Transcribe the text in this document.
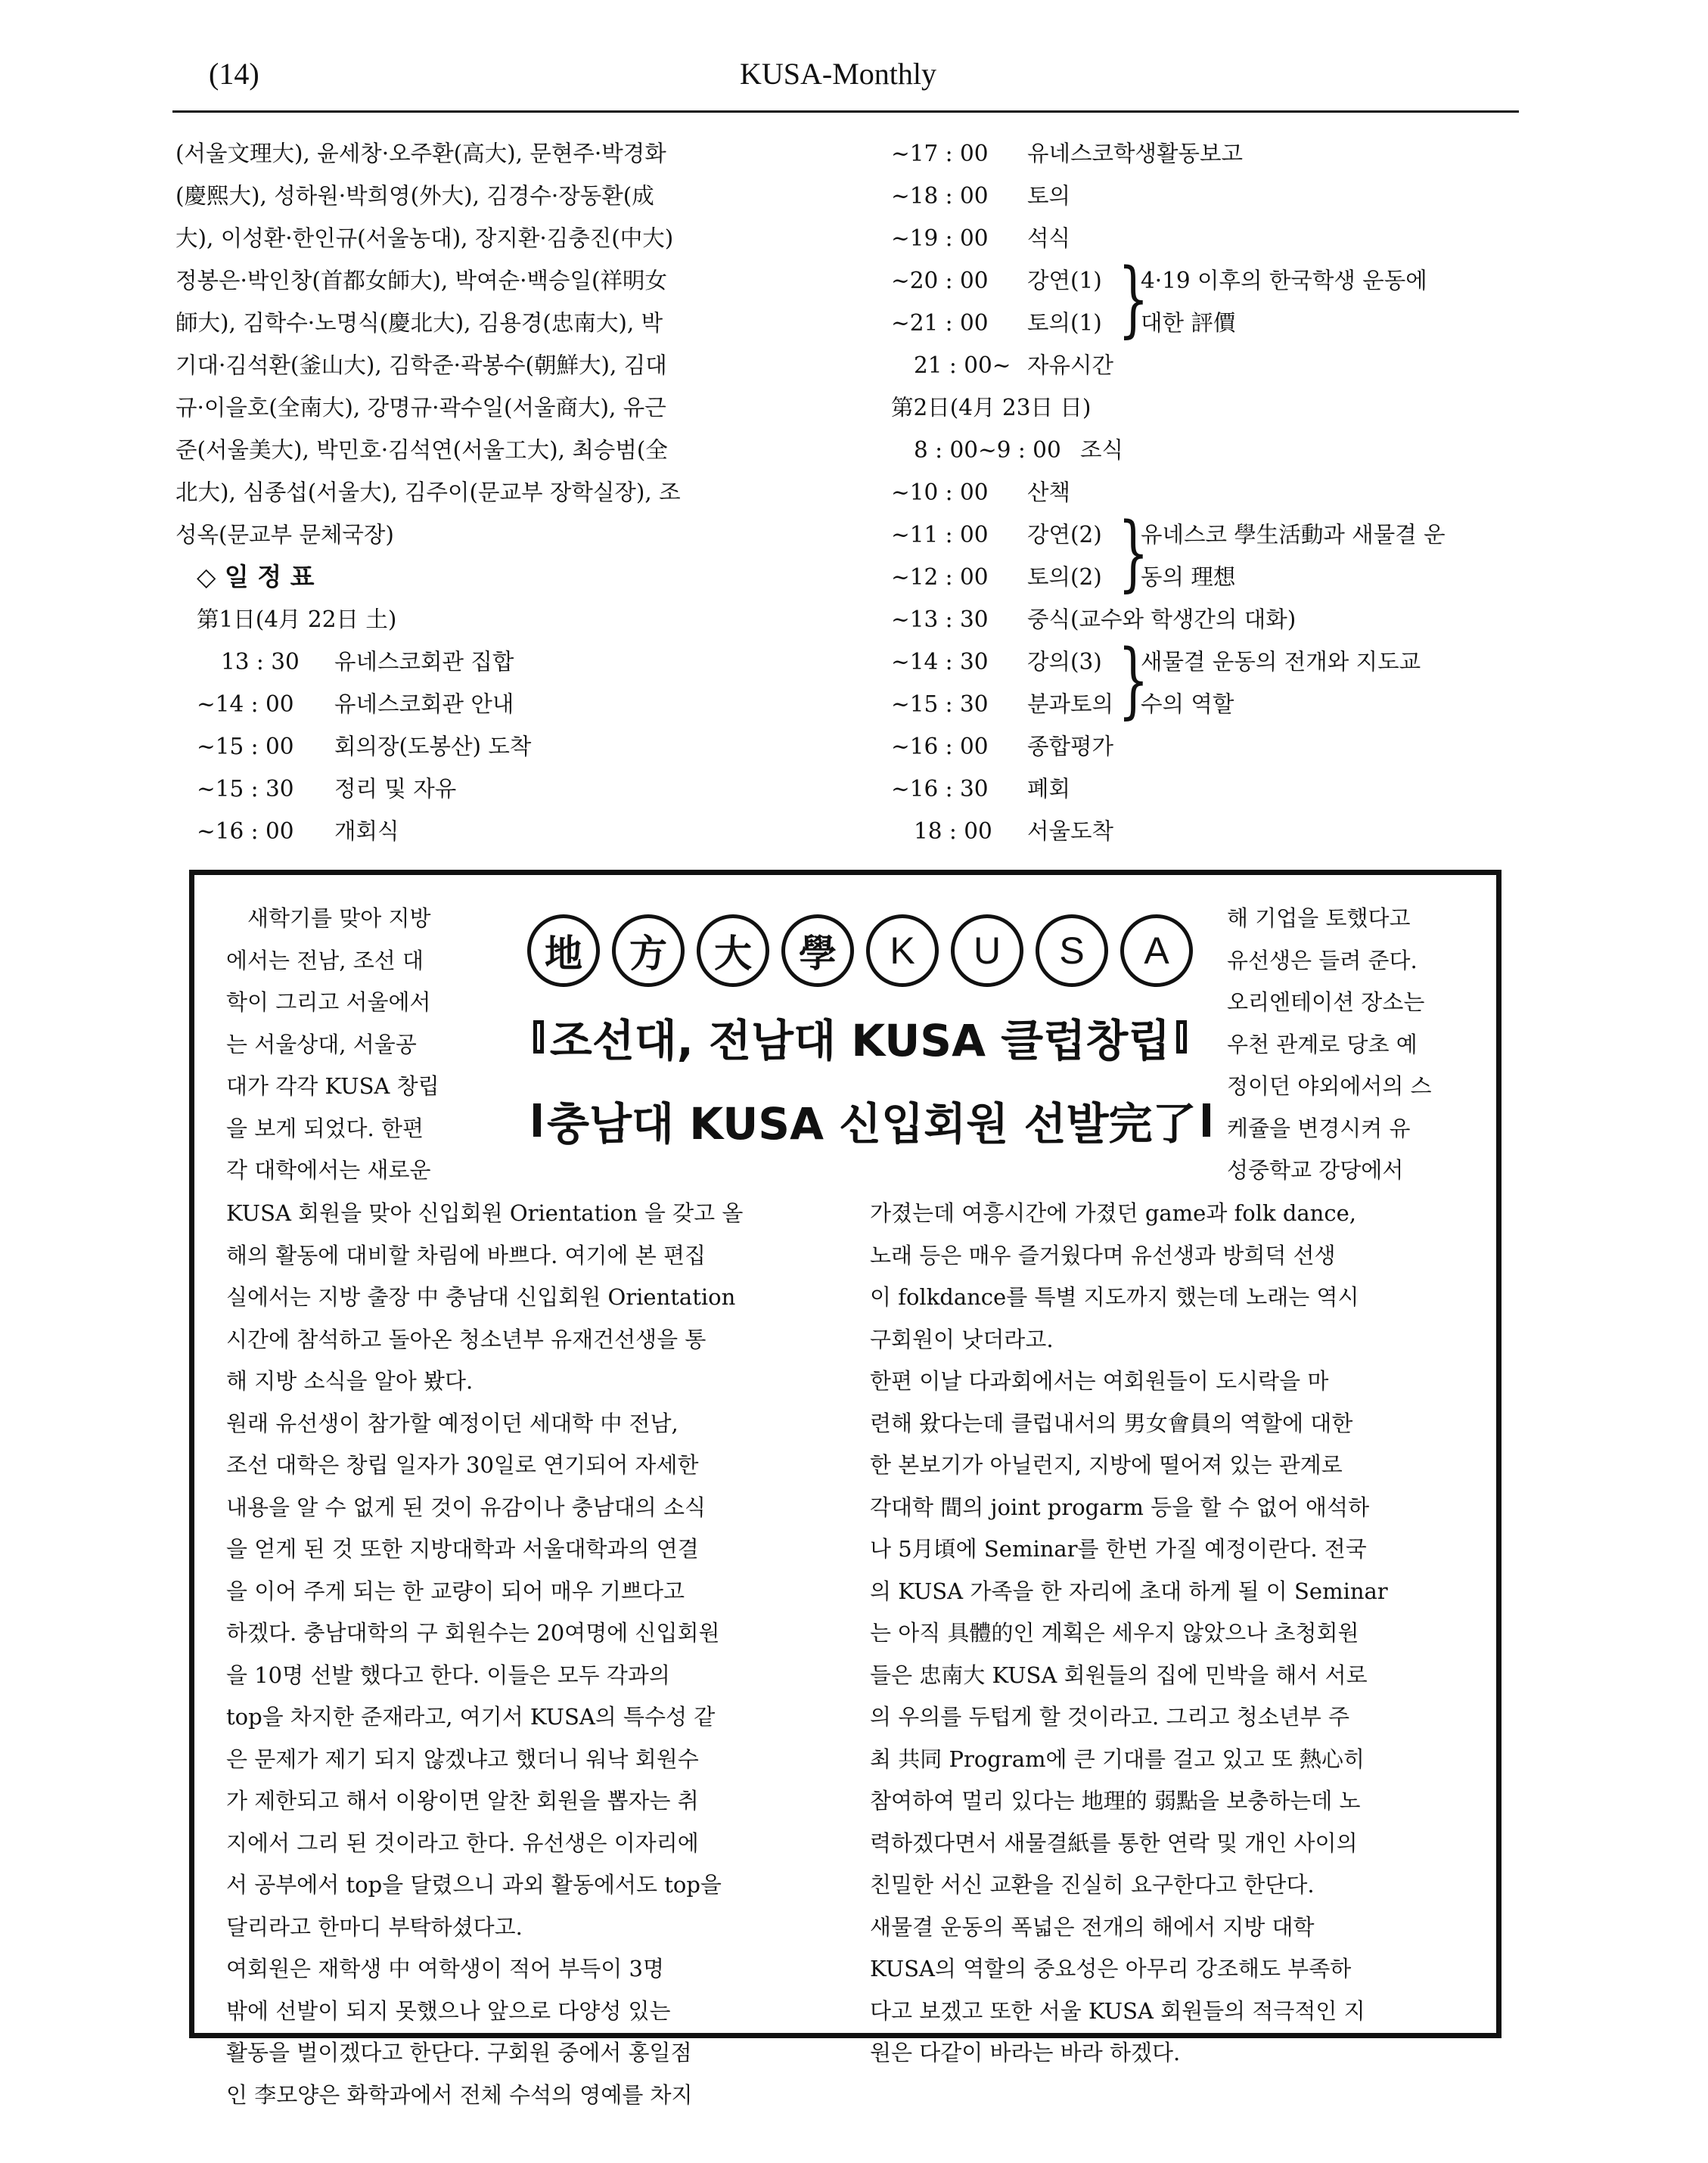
(14)	KUSA-Monthly
(서울文理大), 윤세창·오주환(高大), 문현주·박경화
(慶熙大), 성하원·박희영(外大), 김경수·장동환(成
大), 이성환·한인규(서울농대), 장지환·김충진(中大)
정봉은·박인창(首都女師大), 박여순·백승일(祥明女
師大), 김학수·노명식(慶北大), 김용경(忠南大), 박
기대·김석환(釜山大), 김학준·곽봉수(朝鮮大), 김대
규·이을호(全南大), 강명규·곽수일(서울商大), 유근
준(서울美大), 박민호·김석연(서울工大), 최승범(全
北大), 심종섭(서울大), 김주이(문교부 장학실장), 조
성옥(문교부 문체국장)
◇ 일 정 표
第1日(4月 22日 土)
13 : 30 유네스코회관 집합
~14 : 00 유네스코회관 안내
~15 : 00 회의장(도봉산) 도착
~15 : 30 정리 및 자유
~16 : 00 개회식
~17 : 00 유네스코학생활동보고
~18 : 00 토의
~19 : 00 석식
~20 : 00 강연(1)
~21 : 00 토의(1) }
4·19 이후의 한국학생 운동에
대한 評價
21 : 00~ 자유시간
第2日(4月 23日 日)
8 : 00~9 : 00 조식
~10 : 00 산책
~11 : 00 강연(2)
~12 : 00 토의(2) }
유네스코 學生活動과 새물결 운
동의 理想
~13 : 30 중식(교수와 학생간의 대화)
~14 : 30 강의(3)
~15 : 30 분과토의 }
새물결 운동의 전개와 지도교
수의 역할
~16 : 00 종합평가
~16 : 30 폐회
18 : 00 서울도착
새학기를 맞아 지방
에서는 전남, 조선 대
학이 그리고 서울에서
는 서울상대, 서울공
대가 각각 KUSA 창립
을 보게 되었다. 한편
각 대학에서는 새로운
地	方	大	學	K	U	S	A
조선대, 전남대 KUSA 클럽창립
충남대 KUSA 신입회원 선발完了
해 기업을 토했다고
유선생은 들려 준다.
오리엔테이션 장소는
우천 관계로 당초 예
정이던 야외에서의 스
케쥴을 변경시켜 유
성중학교 강당에서
KUSA 회원을 맞아 신입회원 Orientation 을 갖고 올
해의 활동에 대비할 차림에 바쁘다. 여기에 본 편집
실에서는 지방 출장 中 충남대 신입회원 Orientation
시간에 참석하고 돌아온 청소년부 유재건선생을 통
해 지방 소식을 알아 봤다.
원래 유선생이 참가할 예정이던 세대학 中 전남,
조선 대학은 창립 일자가 30일로 연기되어 자세한
내용을 알 수 없게 된 것이 유감이나 충남대의 소식
을 얻게 된 것 또한 지방대학과 서울대학과의 연결
을 이어 주게 되는 한 교량이 되어 매우 기쁘다고
하겠다. 충남대학의 구 회원수는 20여명에 신입회원
을 10명 선발 했다고 한다. 이들은 모두 각과의
top을 차지한 준재라고, 여기서 KUSA의 특수성 같
은 문제가 제기 되지 않겠냐고 했더니 워낙 회원수
가 제한되고 해서 이왕이면 알찬 회원을 뽑자는 취
지에서 그리 된 것이라고 한다. 유선생은 이자리에
서 공부에서 top을 달렸으니 과외 활동에서도 top을
달리라고 한마디 부탁하셨다고.
여회원은 재학생 中 여학생이 적어 부득이 3명
밖에 선발이 되지 못했으나 앞으로 다양성 있는
활동을 벌이겠다고 한단다. 구회원 중에서 홍일점
인 李모양은 화학과에서 전체 수석의 영예를 차지
가졌는데 여흥시간에 가졌던 game과 folk dance,
노래 등은 매우 즐거웠다며 유선생과 방희덕 선생
이 folkdance를 특별 지도까지 했는데 노래는 역시
구회원이 낫더라고.
한편 이날 다과회에서는 여회원들이 도시락을 마
련해 왔다는데 클럽내서의 男女會員의 역할에 대한
한 본보기가 아닐런지, 지방에 떨어져 있는 관계로
각대학 間의 joint progarm 등을 할 수 없어 애석하
나 5月頃에 Seminar를 한번 가질 예정이란다. 전국
의 KUSA 가족을 한 자리에 초대 하게 될 이 Seminar
는 아직 具體的인 계획은 세우지 않았으나 초청회원
들은 忠南大 KUSA 회원들의 집에 민박을 해서 서로
의 우의를 두텁게 할 것이라고. 그리고 청소년부 주
최 共同 Program에 큰 기대를 걸고 있고 또 熱心히
참여하여 멀리 있다는 地理的 弱點을 보충하는데 노
력하겠다면서 새물결紙를 통한 연락 및 개인 사이의
친밀한 서신 교환을 진실히 요구한다고 한단다.
새물결 운동의 폭넓은 전개의 해에서 지방 대학
KUSA의 역할의 중요성은 아무리 강조해도 부족하
다고 보겠고 또한 서울 KUSA 회원들의 적극적인 지
원은 다같이 바라는 바라 하겠다.
